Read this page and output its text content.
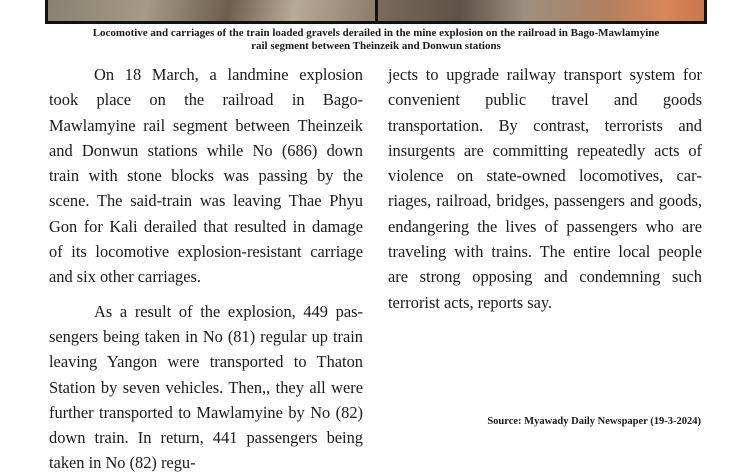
Locomotive and carriages of the train loaded gravels derailed in the mine explosion on the railroad in Bago-Mawlamyine
rail segment between Theinzeik and Donwun stations

On 18 March, a landmine explosion took place on the railroad in Bago-Mawlamyine rail segment between Theinzeik and Donwun stations while No (686) down train with stone blocks was passing by the scene. The said-train was leaving Thae Phyu Gon for Kali derailed that resulted in damage of its locomotive explosion-resistant carriage and six other carriages.

As a result of the explosion, 449 passengers being taken in No (81) regular up train leaving Yangon were transported to Thaton Station by seven vehicles. Then,, they all were further transported to Mawlamyine by No (82) down train. In return, 441 passengers being taken in No (82) regu-

jects to upgrade railway transport system for convenient public travel and goods transportation. By contrast, terrorists and insurgents are committing repeatedly acts of violence on state-owned locomotives, carriages, railroad, bridges, passengers and goods, endangering the lives of passengers who are traveling with trains. The entire local people are strong opposing and condemning such terrorist acts, reports say.

Source: Myawady Daily Newspaper (19-3-2024)
